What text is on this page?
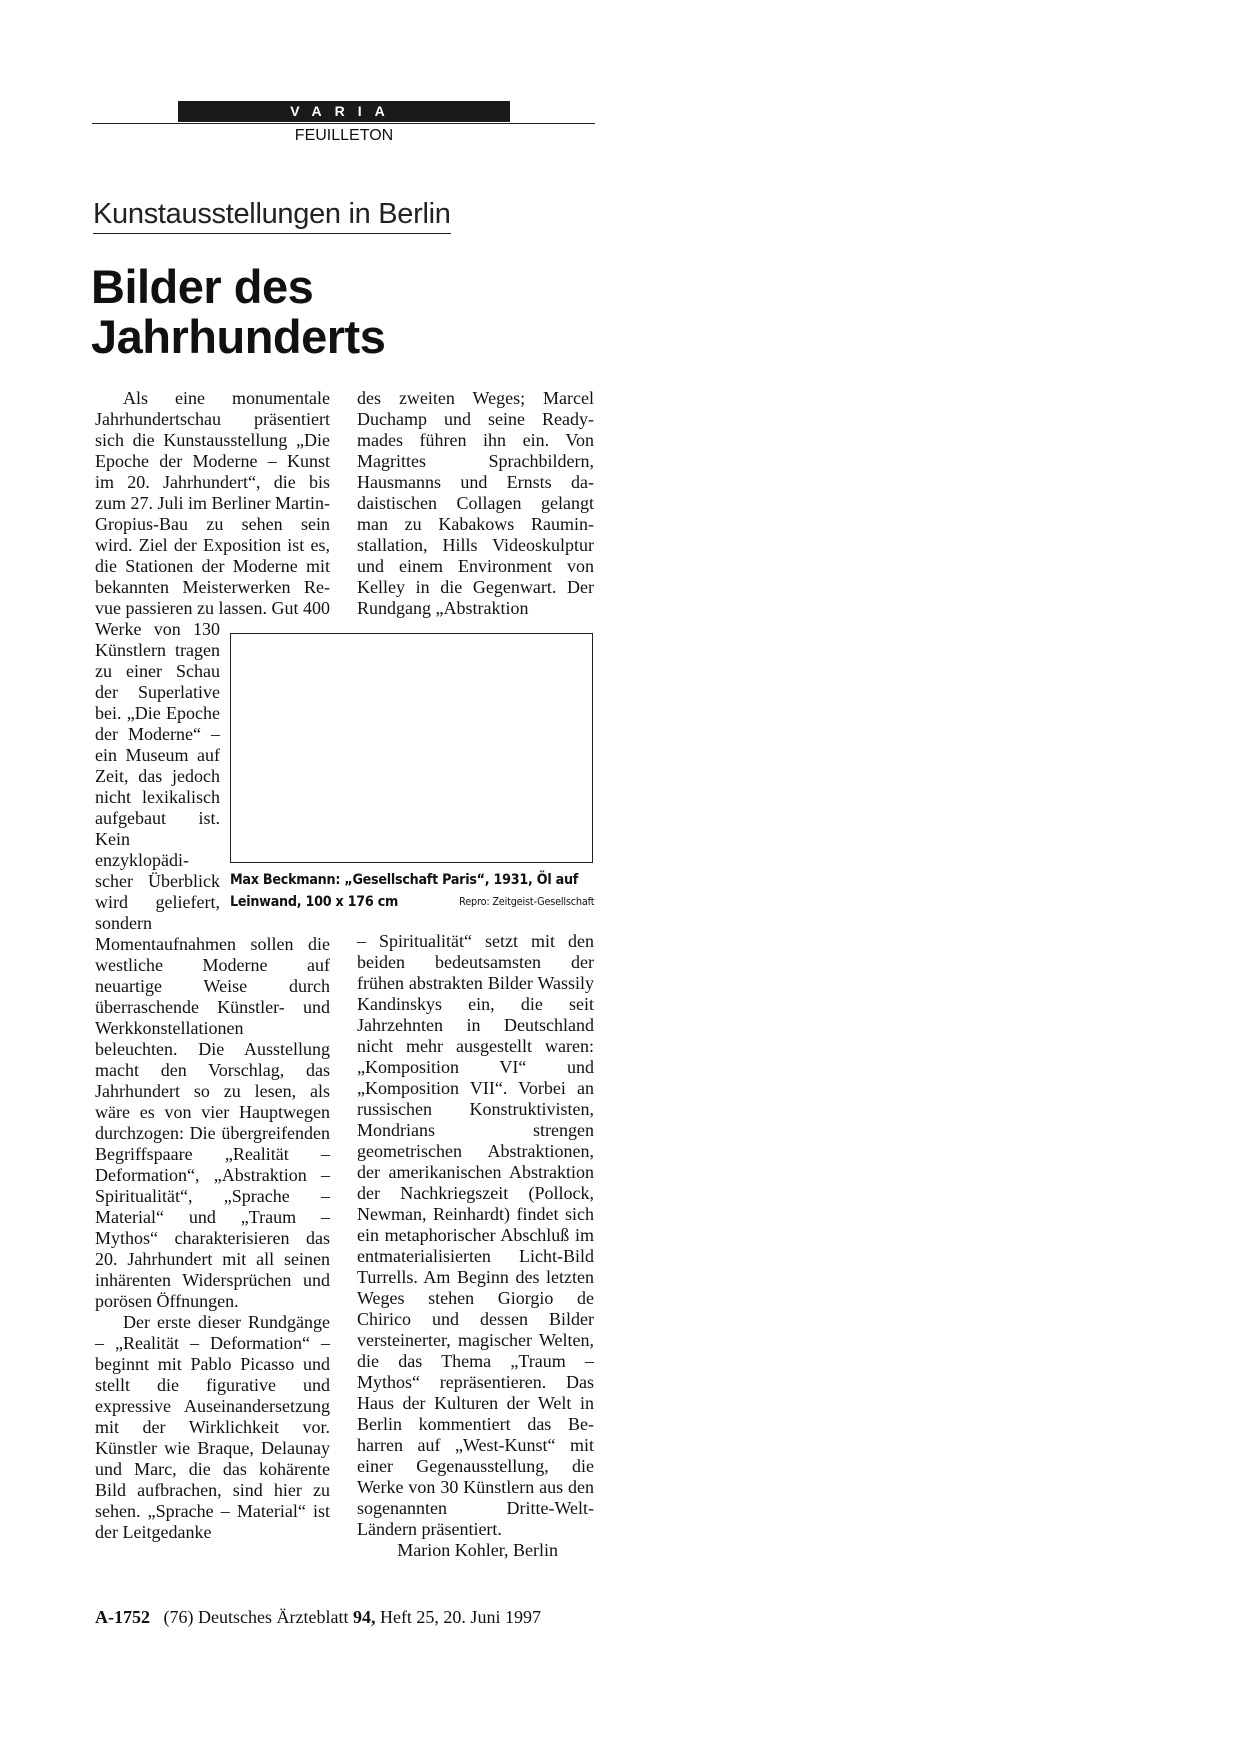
VARIA
FEUILLETON
Kunstausstellungen in Berlin
Bilder des
Jahrhunderts

Als eine monumentale Jahrhundertschau präsentiert sich die Kunstausstellung „Die Epoche der Moderne – Kunst im 20. Jahrhundert“, die bis zum 27. Juli im Berliner Martin-Gropius-Bau zu sehen sein wird. Ziel der Exposition ist es, die Stationen der Moderne mit bekannten Meisterwerken Revue passieren zu lassen. Gut 400 Werke von 130 Künstlern tragen zu einer Schau der Superlative bei. „Die Epoche der Moderne“ – ein Museum auf Zeit, das jedoch nicht lexikalisch aufgebaut ist. Kein enzyklopädischer Überblick wird geliefert, sondern Momentaufnahmen sollen die westliche Moderne auf neuartige Weise durch überraschende Künstler- und Werkkonstellationen beleuchten. Die Ausstellung macht den Vorschlag, das Jahrhundert so zu lesen, als wäre es von vier Hauptwegen durchzogen: Die übergreifenden Begriffspaare „Realität – Deformation“, „Abstraktion – Spiritualität“, „Sprache – Material“ und „Traum – Mythos“ charakterisieren das 20. Jahrhundert mit all seinen inhärenten Widersprüchen und porösen Öffnungen.

Der erste dieser Rundgänge – „Realität – Deformation“ – beginnt mit Pablo Picasso und stellt die figurative und expressive Auseinandersetzung mit der Wirklichkeit vor. Künstler wie Braque, Delaunay und Marc, die das kohärente Bild aufbrachen, sind hier zu sehen. „Sprache – Material“ ist der Leitgedanke

des zweiten Weges; Marcel Duchamp und seine Readymades führen ihn ein. Von Magrittes Sprachbildern, Hausmanns und Ernsts dadaistischen Collagen gelangt man zu Kabakows Rauminstallation, Hills Videoskulptur und einem Environment von Kelley in die Gegenwart. Der Rundgang „Abstraktion

Max Beckmann: „Gesellschaft Paris“, 1931, Öl auf Leinwand, 100 x 176 cm	Repro: Zeitgeist-Gesellschaft

– Spiritualität“ setzt mit den beiden bedeutsamsten der frühen abstrakten Bilder Wassily Kandinskys ein, die seit Jahrzehnten in Deutschland nicht mehr ausgestellt waren: „Komposition VI“ und „Komposition VII“. Vorbei an russischen Konstruktivisten, Mondrians strengen geometrischen Abstraktionen, der amerikanischen Abstraktion der Nachkriegszeit (Pollock, Newman, Reinhardt) findet sich ein metaphorischer Abschluß im entmaterialisierten Licht-Bild Turrells. Am Beginn des letzten Weges stehen Giorgio de Chirico und dessen Bilder versteinerter, magischer Welten, die das Thema „Traum – Mythos“ repräsentieren. Das Haus der Kulturen der Welt in Berlin kommentiert das Beharren auf „West-Kunst“ mit einer Gegenausstellung, die Werke von 30 Künstlern aus den sogenannten Dritte-Welt-Ländern präsentiert.

Marion Kohler, Berlin

A-1752 (76) Deutsches Ärzteblatt 94, Heft 25, 20. Juni 1997
